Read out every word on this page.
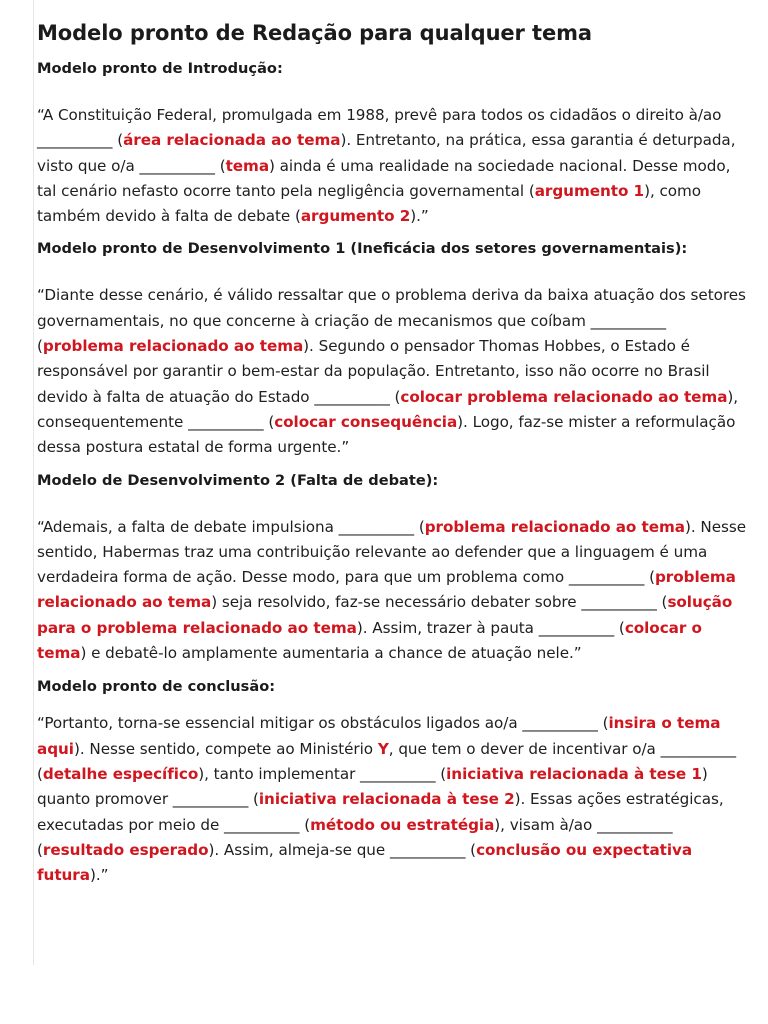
Modelo pronto de Redação para qualquer tema
Modelo pronto de Introdução:

“A Constituição Federal, promulgada em 1988, prevê para todos os cidadãos o direito à/ao __________ (área relacionada ao tema). Entretanto, na prática, essa garantia é deturpada, visto que o/a __________ (tema) ainda é uma realidade na sociedade nacional. Desse modo, tal cenário nefasto ocorre tanto pela negligência governamental (argumento 1), como também devido à falta de debate (argumento 2).”

Modelo pronto de Desenvolvimento 1 (Ineficácia dos setores governamentais):

“Diante desse cenário, é válido ressaltar que o problema deriva da baixa atuação dos setores governamentais, no que concerne à criação de mecanismos que coíbam __________ (problema relacionado ao tema). Segundo o pensador Thomas Hobbes, o Estado é responsável por garantir o bem-estar da população. Entretanto, isso não ocorre no Brasil devido à falta de atuação do Estado __________ (colocar problema relacionado ao tema), consequentemente __________ (colocar consequência). Logo, faz-se mister a reformulação dessa postura estatal de forma urgente.”

Modelo de Desenvolvimento 2 (Falta de debate):

“Ademais, a falta de debate impulsiona __________ (problema relacionado ao tema). Nesse sentido, Habermas traz uma contribuição relevante ao defender que a linguagem é uma verdadeira forma de ação. Desse modo, para que um problema como __________ (problema relacionado ao tema) seja resolvido, faz-se necessário debater sobre __________ (solução para o problema relacionado ao tema). Assim, trazer à pauta __________ (colocar o tema) e debatê-lo amplamente aumentaria a chance de atuação nele.”

Modelo pronto de conclusão:

“Portanto, torna-se essencial mitigar os obstáculos ligados ao/a __________ (insira o tema aqui). Nesse sentido, compete ao Ministério Y, que tem o dever de incentivar o/a __________ (detalhe específico), tanto implementar __________ (iniciativa relacionada à tese 1) quanto promover __________ (iniciativa relacionada à tese 2). Essas ações estratégicas, executadas por meio de __________ (método ou estratégia), visam à/ao __________ (resultado esperado). Assim, almeja-se que __________ (conclusão ou expectativa futura).”
